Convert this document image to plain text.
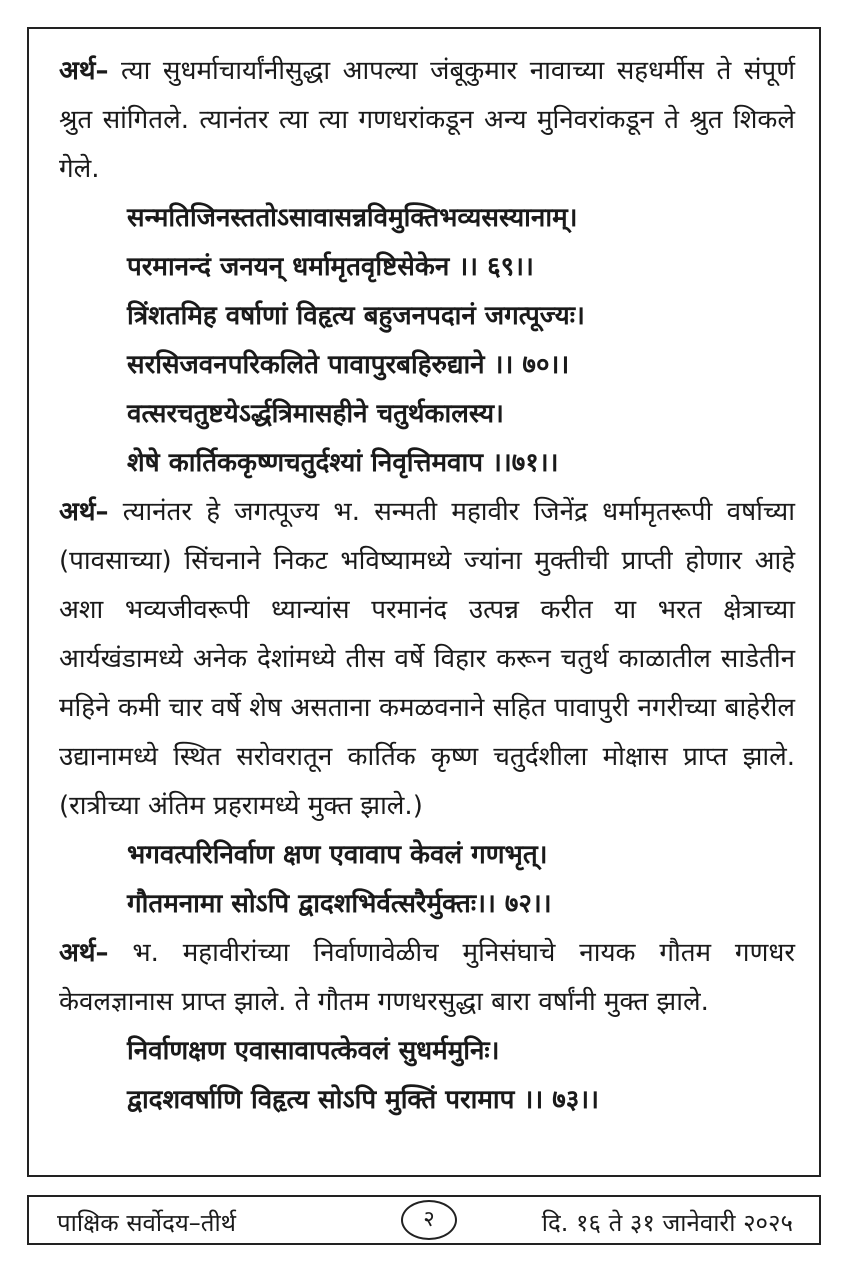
अर्थ– त्या सुधर्माचार्यांनीसुद्धा आपल्या जंबूकुमार नावाच्या सहधर्मीस ते संपूर्ण श्रुत सांगितले. त्यानंतर त्या त्या गणधरांकडून अन्य मुनिवरांकडून ते श्रुत शिकले गेले.

सन्मतिजिनस्ततोऽसावासन्नविमुक्तिभव्यसस्यानाम्।

परमानन्दं जनयन् धर्मामृतवृष्टिसेकेन ।। ६९।।

त्रिंशतमिह वर्षाणां विहृत्य बहुजनपदानं जगत्पूज्यः।

सरसिजवनपरिकलिते पावापुरबहिरुद्याने ।। ७०।।

वत्सरचतुष्टयेऽर्द्धत्रिमासहीने चतुर्थकालस्य।

शेषे कार्तिककृष्णचतुर्दश्यां निवृत्तिमवाप ।।७१।।

अर्थ– त्यानंतर हे जगत्पूज्य भ. सन्मती महावीर जिनेंद्र धर्मामृतरूपी वर्षाच्या (पावसाच्या) सिंचनाने निकट भविष्यामध्ये ज्यांना मुक्तीची प्राप्ती होणार आहे अशा भव्यजीवरूपी ध्यान्यांस परमानंद उत्पन्न करीत या भरत क्षेत्राच्या आर्यखंडामध्ये अनेक देशांमध्ये तीस वर्षे विहार करून चतुर्थ काळातील साडेतीन महिने कमी चार वर्षे शेष असताना कमळवनाने सहित पावापुरी नगरीच्या बाहेरील उद्यानामध्ये स्थित सरोवरातून कार्तिक कृष्ण चतुर्दशीला मोक्षास प्राप्त झाले. (रात्रीच्या अंतिम प्रहरामध्ये मुक्त झाले.)

भगवत्परिनिर्वाण क्षण एवावाप केवलं गणभृत्।

गौतमनामा सोऽपि द्वादशभिर्वत्सरैर्मुक्तः।। ७२।।

अर्थ– भ. महावीरांच्या निर्वाणावेळीच मुनिसंघाचे नायक गौतम गणधर केवलज्ञानास प्राप्त झाले. ते गौतम गणधरसुद्धा बारा वर्षांनी मुक्त झाले.

निर्वाणक्षण एवासावापत्केवलं सुधर्ममुनिः।

द्वादशवर्षाणि विहृत्य सोऽपि मुक्तिं परामाप ।। ७३।।

पाक्षिक सर्वोदय–तीर्थ	२	दि. १६ ते ३१ जानेवारी २०२५
